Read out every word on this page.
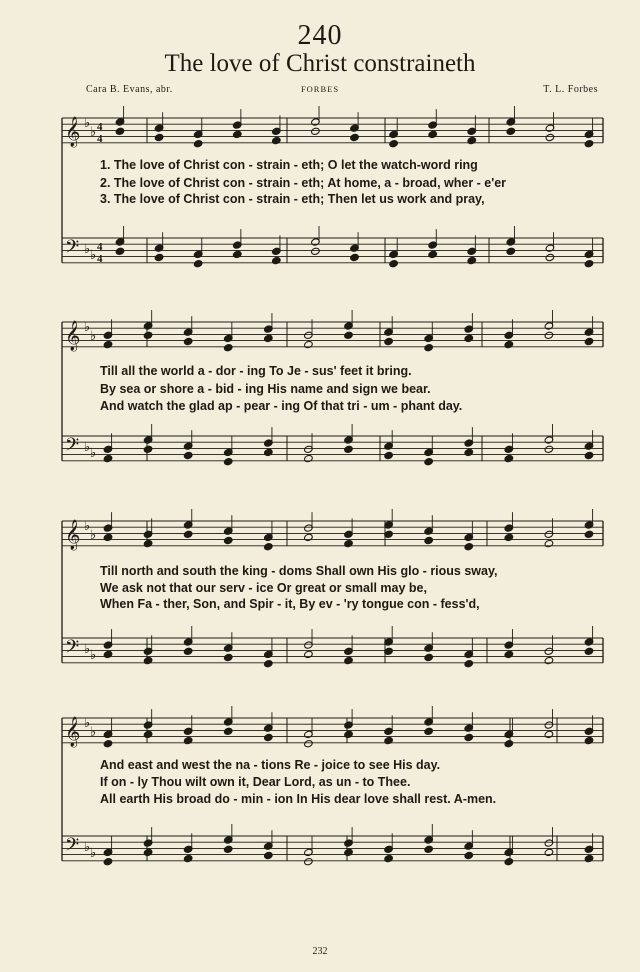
240
The love of Christ constraineth
Cara B. Evans, abr.	FORBES	T. L. Forbes
𝄞 ♭
♭ 4
4
𝄢 ♭ ♭
4
4
𝄞 ♭
♭
𝄢 ♭ ♭
𝄞 ♭
♭
𝄢 ♭ ♭
𝄞 ♭
♭
𝄢 ♭ ♭
1. The love of Christ con - strain - eth; O let the watch-word ring
2. The love of Christ con - strain - eth; At home, a - broad, wher - e'er
3. The love of Christ con - strain - eth; Then let us work and pray,
Till all the world a - dor - ing To Je - sus' feet it bring.
By sea or shore a - bid - ing His name and sign we bear.
And watch the glad ap - pear - ing Of that tri - um - phant day.
Till north and south the king - doms Shall own His glo - rious sway,
We ask not that our serv - ice Or great or small may be,
When Fa - ther, Son, and Spir - it, By ev - 'ry tongue con - fess'd,
And east and west the na - tions Re - joice to see His day.
If on - ly Thou wilt own it, Dear Lord, as un - to Thee.
All earth His broad do - min - ion In His dear love shall rest. A-men.
232
